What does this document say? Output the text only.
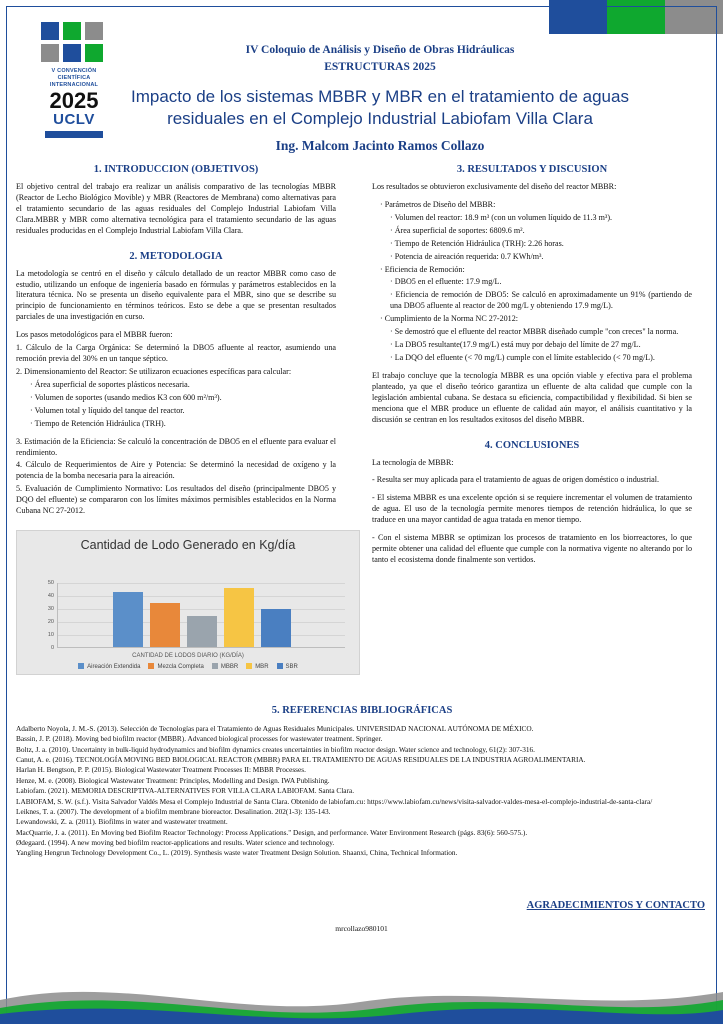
V CONVENCIÓN
CIENTÍFICA
INTERNACIONAL
2025
UCLV
IV Coloquio de Análisis y Diseño de Obras Hidráulicas
ESTRUCTURAS 2025
Impacto de los sistemas MBBR y MBR en el tratamiento de aguas residuales en el Complejo Industrial Labiofam Villa Clara
Ing. Malcom Jacinto Ramos Collazo
1. INTRODUCCION (OBJETIVOS)

El objetivo central del trabajo era realizar un análisis comparativo de las tecnologías MBBR (Reactor de Lecho Biológico Movible) y MBR (Reactores de Membrana) como alternativas para el tratamiento secundario de las aguas residuales del Complejo Industrial Labiofam Villa Clara.MBBR y MBR como alternativa tecnológica para el tratamiento secundario de las aguas residuales producidas en el Complejo Industrial Labiofam Villa Clara.

2. METODOLOGIA

La metodología se centró en el diseño y cálculo detallado de un reactor MBBR como caso de estudio, utilizando un enfoque de ingeniería basado en fórmulas y parámetros establecidos en la literatura técnica. No se presenta un diseño equivalente para el MBR, sino que se describe su principio de funcionamiento en términos teóricos. Esto se debe a que se presentan resultados parciales de una investigación en curso.

Los pasos metodológicos para el MBBR fueron:

1. Cálculo de la Carga Orgánica: Se determinó la DBO5 afluente al reactor, asumiendo una remoción previa del 30% en un tanque séptico.

2. Dimensionamiento del Reactor: Se utilizaron ecuaciones específicas para calcular:

· Área superficial de soportes plásticos necesaria.

· Volumen de soportes (usando medios K3 con 600 m²/m³).

· Volumen total y líquido del tanque del reactor.

· Tiempo de Retención Hidráulica (TRH).

3. Estimación de la Eficiencia: Se calculó la concentración de DBO5 en el efluente para evaluar el rendimiento.

4. Cálculo de Requerimientos de Aire y Potencia: Se determinó la necesidad de oxígeno y la potencia de la bomba necesaria para la aireación.

5. Evaluación de Cumplimiento Normativo: Los resultados del diseño (principalmente DBO5 y DQO del efluente) se compararon con los límites máximos permisibles establecidos en la Norma Cubana NC 27-2012.

3. RESULTADOS Y DISCUSION

Los resultados se obtuvieron exclusivamente del diseño del reactor MBBR:

· Parámetros de Diseño del MBBR:

· Volumen del reactor: 18.9 m³ (con un volumen líquido de 11.3 m³).

· Área superficial de soportes: 6809.6 m².

· Tiempo de Retención Hidráulica (TRH): 2.26 horas.

· Potencia de aireación requerida: 0.7 KWh/m³.

· Eficiencia de Remoción:

· DBO5 en el efluente: 17.9 mg/L.

· Eficiencia de remoción de DBO5: Se calculó en aproximadamente un 91% (partiendo de una DBO5 afluente al reactor de 200 mg/L y obteniendo 17.9 mg/L).

· Cumplimiento de la Norma NC 27-2012:

· Se demostró que el efluente del reactor MBBR diseñado cumple "con creces" la norma.

· La DBO5 resultante(17.9 mg/L) está muy por debajo del límite de 27 mg/L.

· La DQO del efluente (< 70 mg/L) cumple con el límite establecido (< 70 mg/L).

El trabajo concluye que la tecnología MBBR es una opción viable y efectiva para el problema planteado, ya que el diseño teórico garantiza un efluente de alta calidad que cumple con la legislación ambiental cubana. Se destaca su eficiencia, compactibilidad y flexibilidad. Si bien se menciona que el MBR produce un efluente de calidad aún mayor, el análisis cuantitativo y la discusión se centran en los resultados exitosos del diseño MBBR.

4. CONCLUSIONES

La tecnología de MBBR:

- Resulta ser muy aplicada para el tratamiento de aguas de origen doméstico o industrial.

- El sistema MBBR es una excelente opción si se requiere incrementar el volumen de tratamiento de agua. El uso de la tecnología permite menores tiempos de retención hidráulica, lo que se traduce en una mayor cantidad de agua tratada en menor tiempo.

- Con el sistema MBBR se optimizan los procesos de tratamiento en los biorreactores, lo que permite obtener una calidad del efluente que cumple con la normativa vigente no alterando por lo tanto el ecosistema donde finalmente son vertidos.

Cantidad de Lodo Generado en Kg/día
50
40
30
20
10
0
CANTIDAD DE LODOS DIARIO (KG/DÍA)
Aireación Extendida	Mezcla Completa	MBBR	MBR	SBR
5. REFERENCIAS BIBLIOGRÁFICAS
Adalberto Noyola, J. M.-S. (2013). Selección de Tecnologías para el Tratamiento de Aguas Residuales Municipales. UNIVERSIDAD NACIONAL AUTÓNOMA DE MÉXICO.
Bassin, J. P. (2018). Moving bed biofilm reactor (MBBR). Advanced biological processes for wastewater treatment. Springer.
Boltz, J. a. (2010). Uncertainty in bulk-liquid hydrodynamics and biofilm dynamics creates uncertainties in biofilm reactor design. Water science and technology, 61(2): 307-316.
Canut, A. e. (2016). TECNOLOGÍA MOVING BED BIOLOGICAL REACTOR (MBBR) PARA EL TRATAMIENTO DE AGUAS RESIDUALES DE LA INDUSTRIA AGROALIMENTARIA.
Harlan H. Bengtson, P. P. (2015). Biological Wastewater Treatment Processes II: MBBR Processes.
Henze, M. e. (2008). Biological Wastewater Treatment: Principles, Modelling and Design. IWA Publishing.
Labiofam. (2021). MEMORIA DESCRIPTIVA-ALTERNATIVES FOR VILLA CLARA LABIOFAM. Santa Clara.
LABIOFAM, S. W. (s.f.). Visita Salvador Valdés Mesa el Complejo Industrial de Santa Clara. Obtenido de labiofam.cu: https://www.labiofam.cu/news/visita-salvador-valdes-mesa-el-complejo-industrial-de-santa-clara/
Leiknes, T. a. (2007). The development of a biofilm membrane bioreactor. Desalination. 202(1-3): 135-143.
Lewandowski, Z. a. (2011). Biofilms in water and wastewater treatment.
MacQuarrie, J. a. (2011). En Moving bed Biofilm Reactor Technology: Process Applications." Design, and performance. Water Environment Research (págs. 83(6): 560-575.).
Ødegaard. (1994). A new moving bed biofilm reactor-applications and results. Water science and technology.
Yangling Hengrun Technology Development Co., L. (2019). Synthesis waste water Treatment Design Solution. Shaanxi, China, Technical Information.
AGRADECIMIENTOS Y CONTACTO
mrcollazo980101
